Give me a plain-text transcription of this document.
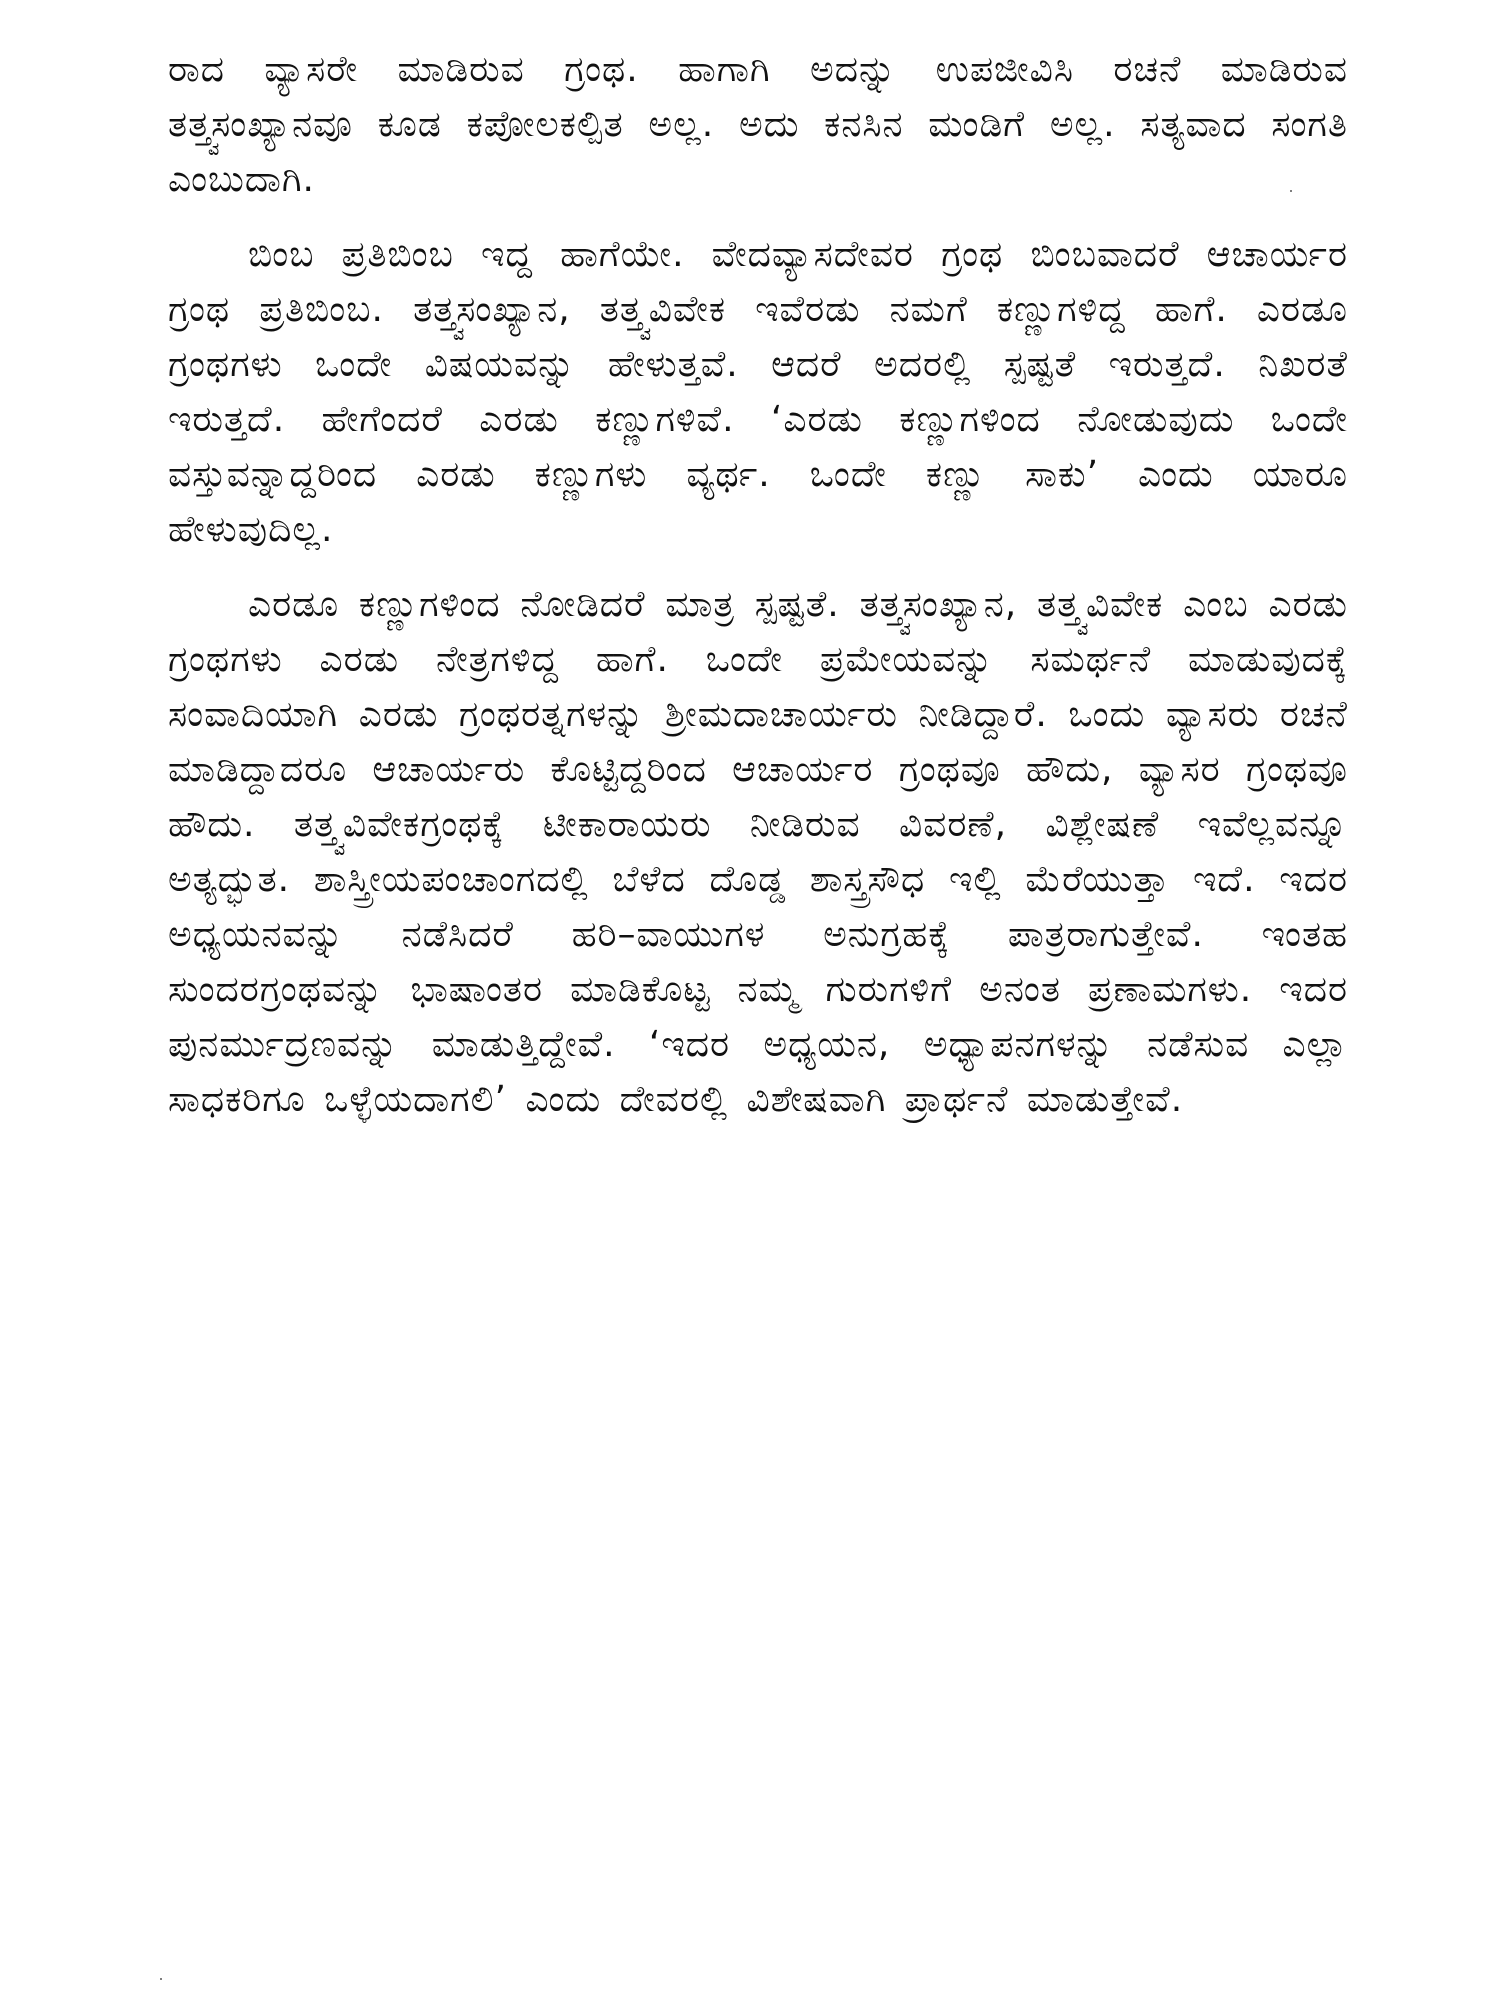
ರಾದ ವ್ಯಾಸರೇ ಮಾಡಿರುವ ಗ್ರಂಥ. ಹಾಗಾಗಿ ಅದನ್ನು ಉಪಜೀವಿಸಿ ರಚನೆ ಮಾಡಿರುವ ತತ್ತ್ವಸಂಖ್ಯಾನವೂ ಕೂಡ ಕಪೋಲಕಲ್ಪಿತ ಅಲ್ಲ. ಅದು ಕನಸಿನ ಮಂಡಿಗೆ ಅಲ್ಲ. ಸತ್ಯವಾದ ಸಂಗತಿ ಎಂಬುದಾಗಿ.

ಬಿಂಬ ಪ್ರತಿಬಿಂಬ ಇದ್ದ ಹಾಗೆಯೇ. ವೇದವ್ಯಾಸದೇವರ ಗ್ರಂಥ ಬಿಂಬವಾದರೆ ಆಚಾರ್ಯರ ಗ್ರಂಥ ಪ್ರತಿಬಿಂಬ. ತತ್ತ್ವಸಂಖ್ಯಾನ, ತತ್ತ್ವವಿವೇಕ ಇವೆರಡು ನಮಗೆ ಕಣ್ಣುಗಳಿದ್ದ ಹಾಗೆ. ಎರಡೂ ಗ್ರಂಥಗಳು ಒಂದೇ ವಿಷಯವನ್ನು ಹೇಳುತ್ತವೆ. ಆದರೆ ಅದರಲ್ಲಿ ಸ್ಪಷ್ಟತೆ ಇರುತ್ತದೆ. ನಿಖರತೆ ಇರುತ್ತದೆ. ಹೇಗೆಂದರೆ ಎರಡು ಕಣ್ಣುಗಳಿವೆ. ‘ಎರಡು ಕಣ್ಣುಗಳಿಂದ ನೋಡುವುದು ಒಂದೇ ವಸ್ತುವನ್ನಾದ್ದರಿಂದ ಎರಡು ಕಣ್ಣುಗಳು ವ್ಯರ್ಥ. ಒಂದೇ ಕಣ್ಣು ಸಾಕು’ ಎಂದು ಯಾರೂ ಹೇಳುವುದಿಲ್ಲ.

ಎರಡೂ ಕಣ್ಣುಗಳಿಂದ ನೋಡಿದರೆ ಮಾತ್ರ ಸ್ಪಷ್ಟತೆ. ತತ್ತ್ವಸಂಖ್ಯಾನ, ತತ್ತ್ವವಿವೇಕ ಎಂಬ ಎರಡು ಗ್ರಂಥಗಳು ಎರಡು ನೇತ್ರಗಳಿದ್ದ ಹಾಗೆ. ಒಂದೇ ಪ್ರಮೇಯವನ್ನು ಸಮರ್ಥನೆ ಮಾಡುವುದಕ್ಕೆ ಸಂವಾದಿಯಾಗಿ ಎರಡು ಗ್ರಂಥರತ್ನಗಳನ್ನು ಶ್ರೀಮದಾಚಾರ್ಯರು ನೀಡಿದ್ದಾರೆ. ಒಂದು ವ್ಯಾಸರು ರಚನೆ ಮಾಡಿದ್ದಾದರೂ ಆಚಾರ್ಯರು ಕೊಟ್ಟಿದ್ದರಿಂದ ಆಚಾರ್ಯರ ಗ್ರಂಥವೂ ಹೌದು, ವ್ಯಾಸರ ಗ್ರಂಥವೂ ಹೌದು. ತತ್ತ್ವವಿವೇಕಗ್ರಂಥಕ್ಕೆ ಟೀಕಾರಾಯರು ನೀಡಿರುವ ವಿವರಣೆ, ವಿಶ್ಲೇಷಣೆ ಇವೆಲ್ಲವನ್ನೂ ಅತ್ಯದ್ಭುತ. ಶಾಸ್ತ್ರೀಯಪಂಚಾಂಗದಲ್ಲಿ ಬೆಳೆದ ದೊಡ್ಡ ಶಾಸ್ತ್ರಸೌಧ ಇಲ್ಲಿ ಮೆರೆಯುತ್ತಾ ಇದೆ. ಇದರ ಅಧ್ಯಯನವನ್ನು ನಡೆಸಿದರೆ ಹರಿ–ವಾಯುಗಳ ಅನುಗ್ರಹಕ್ಕೆ ಪಾತ್ರರಾಗುತ್ತೇವೆ. ಇಂತಹ ಸುಂದರಗ್ರಂಥವನ್ನು ಭಾಷಾಂತರ ಮಾಡಿಕೊಟ್ಟ ನಮ್ಮ ಗುರುಗಳಿಗೆ ಅನಂತ ಪ್ರಣಾಮಗಳು. ಇದರ ಪುನರ್ಮುದ್ರಣವನ್ನು ಮಾಡುತ್ತಿದ್ದೇವೆ. ‘ಇದರ ಅಧ್ಯಯನ, ಅಧ್ಯಾಪನಗಳನ್ನು ನಡೆಸುವ ಎಲ್ಲಾ ಸಾಧಕರಿಗೂ ಒಳ್ಳೆಯದಾಗಲಿ’ ಎಂದು ದೇವರಲ್ಲಿ ವಿಶೇಷವಾಗಿ ಪ್ರಾರ್ಥನೆ ಮಾಡುತ್ತೇವೆ.
